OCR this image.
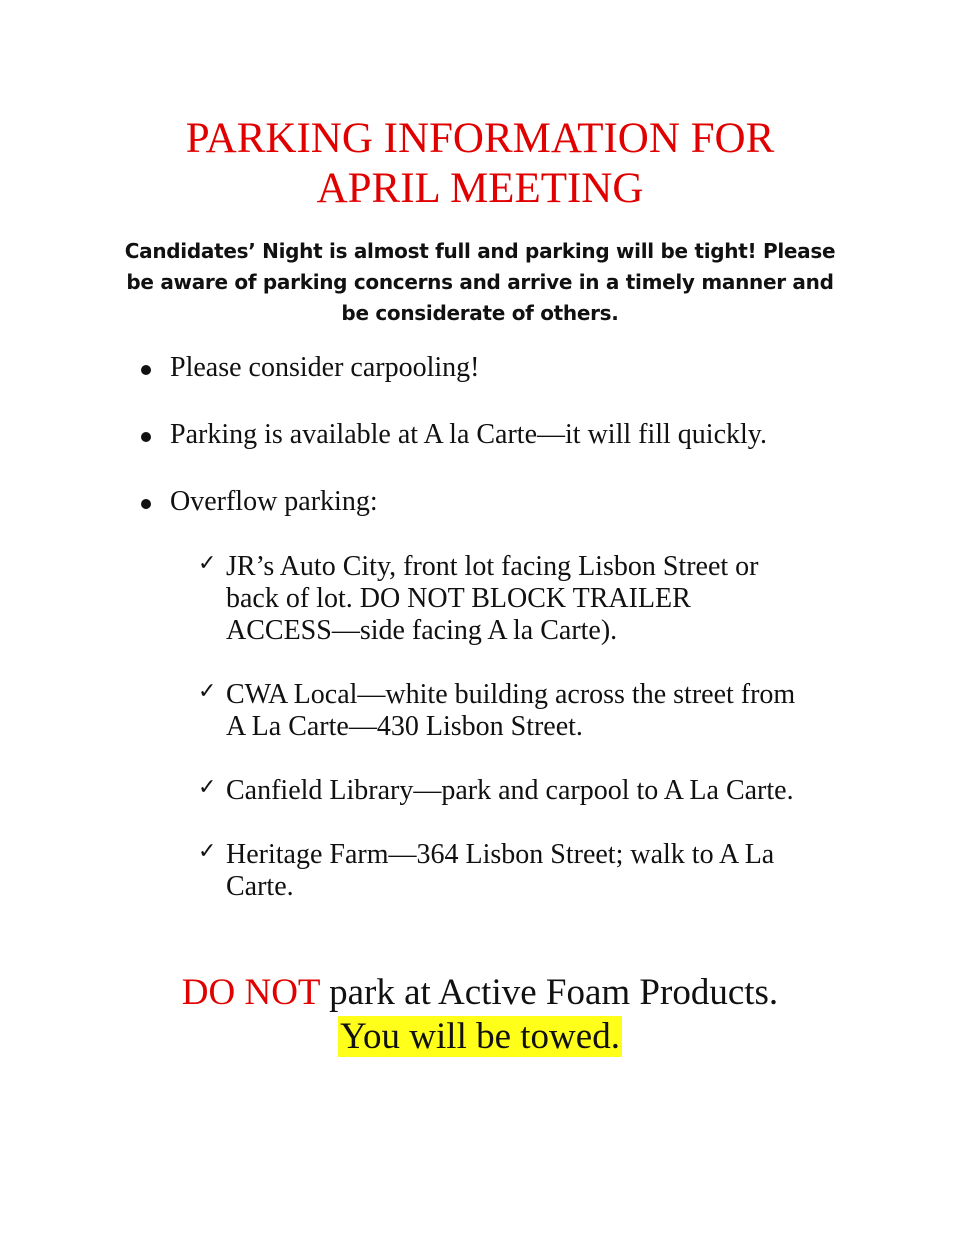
PARKING INFORMATION FOR
APRIL MEETING
Candidates’ Night is almost full and parking will be tight! Please
be aware of parking concerns and arrive in a timely manner and
be considerate of others.
Please consider carpooling!
Parking is available at A la Carte—it will fill quickly.
Overflow parking:
✓ JR’s Auto City, front lot facing Lisbon Street or
back of lot. DO NOT BLOCK TRAILER
ACCESS—side facing A la Carte).
✓ CWA Local—white building across the street from
A La Carte—430 Lisbon Street.
✓ Canfield Library—park and carpool to A La Carte.
✓ Heritage Farm—364 Lisbon Street; walk to A La
Carte.
DO NOT park at Active Foam Products.
You will be towed.
